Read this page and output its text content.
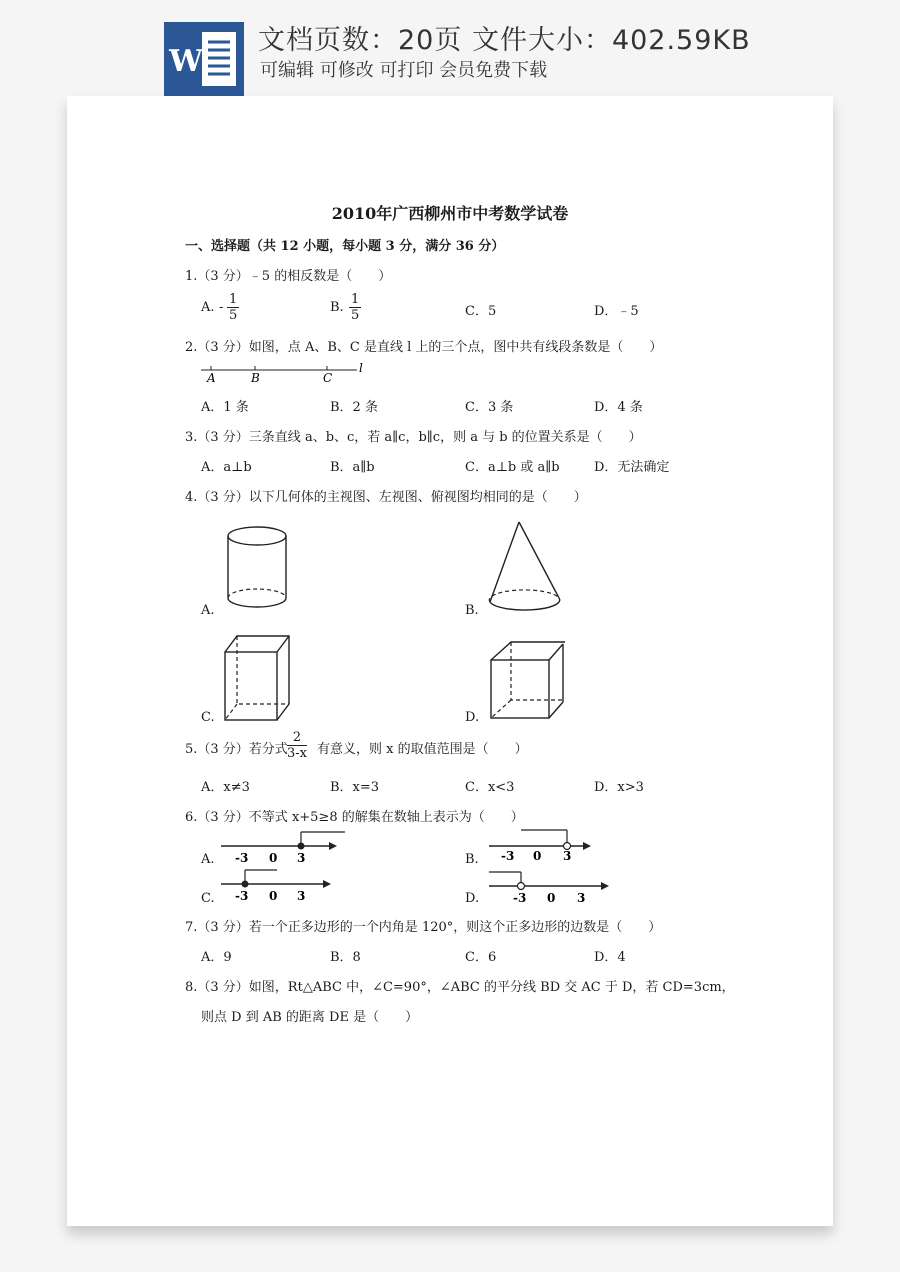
W
文档页数：20页 文件大小：402.59KB
可编辑 可修改 可打印 会员免费下载
2010年广西柳州市中考数学试卷
一、选择题（共 12 小题，每小题 3 分，满分 36 分）
1.（3 分）﹣5 的相反数是（　　）
A. - $\frac{1}{5}$	B. $\frac{1}{5}$	C．5	D．﹣5
2.（3 分）如图，点 A、B、C 是直线 l 上的三个点，图中共有线段条数是（　　）
A	B	C
l
A．1 条	B．2 条	C．3 条	D．4 条
3.（3 分）三条直线 a、b、c，若 a∥c，b∥c，则 a 与 b 的位置关系是（　　）
A．a⊥b	B．a∥b	C．a⊥b 或 a∥b	D．无法确定
4.（3 分）以下几何体的主视图、左视图、俯视图均相同的是（　　）
A.	B.
C.	D.
5.（3 分）若分式 $\frac{2}{3-x}$ 有意义，则 x 的取值范围是（　　）
A．x≠3	B．x=3	C．x<3	D．x>3
6.（3 分）不等式 x+5≥8 的解集在数轴上表示为（　　）
A. -3 0 3	B. -3 0 3
C. -3 0 3	D.	-3 0 3
7.（3 分）若一个正多边形的一个内角是 120°，则这个正多边形的边数是（　　）
A．9	B．8	C．6	D．4
8.（3 分）如图，Rt△ABC 中，∠C=90°，∠ABC 的平分线 BD 交 AC 于 D，若 CD=3cm，
则点 D 到 AB 的距离 DE 是（　　）
